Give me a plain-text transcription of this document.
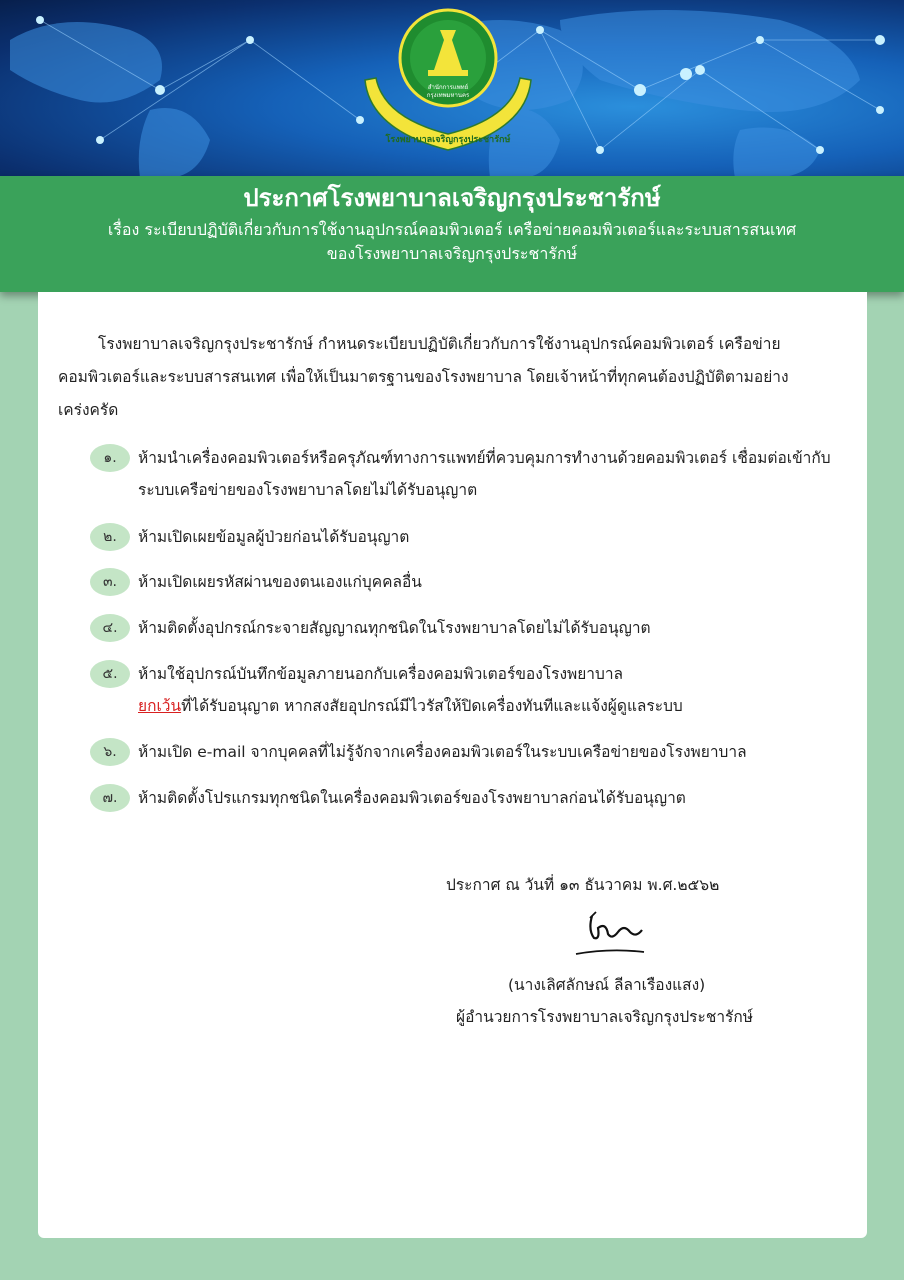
สำนักการแพทย์ กรุงเทพมหานคร
โรงพยาบาลเจริญกรุงประชารักษ์
ประกาศโรงพยาบาลเจริญกรุงประชารักษ์
เรื่อง ระเบียบปฏิบัติเกี่ยวกับการใช้งานอุปกรณ์คอมพิวเตอร์ เครือข่ายคอมพิวเตอร์และระบบสารสนเทศ
ของโรงพยาบาลเจริญกรุงประชารักษ์
โรงพยาบาลเจริญกรุงประชารักษ์ กำหนดระเบียบปฏิบัติเกี่ยวกับการใช้งานอุปกรณ์คอมพิวเตอร์ เครือข่ายคอมพิวเตอร์และระบบสารสนเทศ เพื่อให้เป็นมาตรฐานของโรงพยาบาล โดยเจ้าหน้าที่ทุกคนต้องปฏิบัติตามอย่างเคร่งครัด
๑.	ห้ามนำเครื่องคอมพิวเตอร์หรือครุภัณฑ์ทางการแพทย์ที่ควบคุมการทำงานด้วยคอมพิวเตอร์ เชื่อมต่อเข้ากับระบบเครือข่ายของโรงพยาบาลโดยไม่ได้รับอนุญาต
๒.	ห้ามเปิดเผยข้อมูลผู้ป่วยก่อนได้รับอนุญาต
๓.	ห้ามเปิดเผยรหัสผ่านของตนเองแก่บุคคลอื่น
๔.	ห้ามติดตั้งอุปกรณ์กระจายสัญญาณทุกชนิดในโรงพยาบาลโดยไม่ได้รับอนุญาต
๕.	ห้ามใช้อุปกรณ์บันทึกข้อมูลภายนอกกับเครื่องคอมพิวเตอร์ของโรงพยาบาล
ยกเว้นที่ได้รับอนุญาต หากสงสัยอุปกรณ์มีไวรัสให้ปิดเครื่องทันทีและแจ้งผู้ดูแลระบบ
๖.	ห้ามเปิด e-mail จากบุคคลที่ไม่รู้จักจากเครื่องคอมพิวเตอร์ในระบบเครือข่ายของโรงพยาบาล
๗.	ห้ามติดตั้งโปรแกรมทุกชนิดในเครื่องคอมพิวเตอร์ของโรงพยาบาลก่อนได้รับอนุญาต
ประกาศ ณ วันที่ ๑๓ ธันวาคม พ.ศ.๒๕๖๒
(นางเลิศลักษณ์ ลีลาเรืองแสง)
ผู้อำนวยการโรงพยาบาลเจริญกรุงประชารักษ์
